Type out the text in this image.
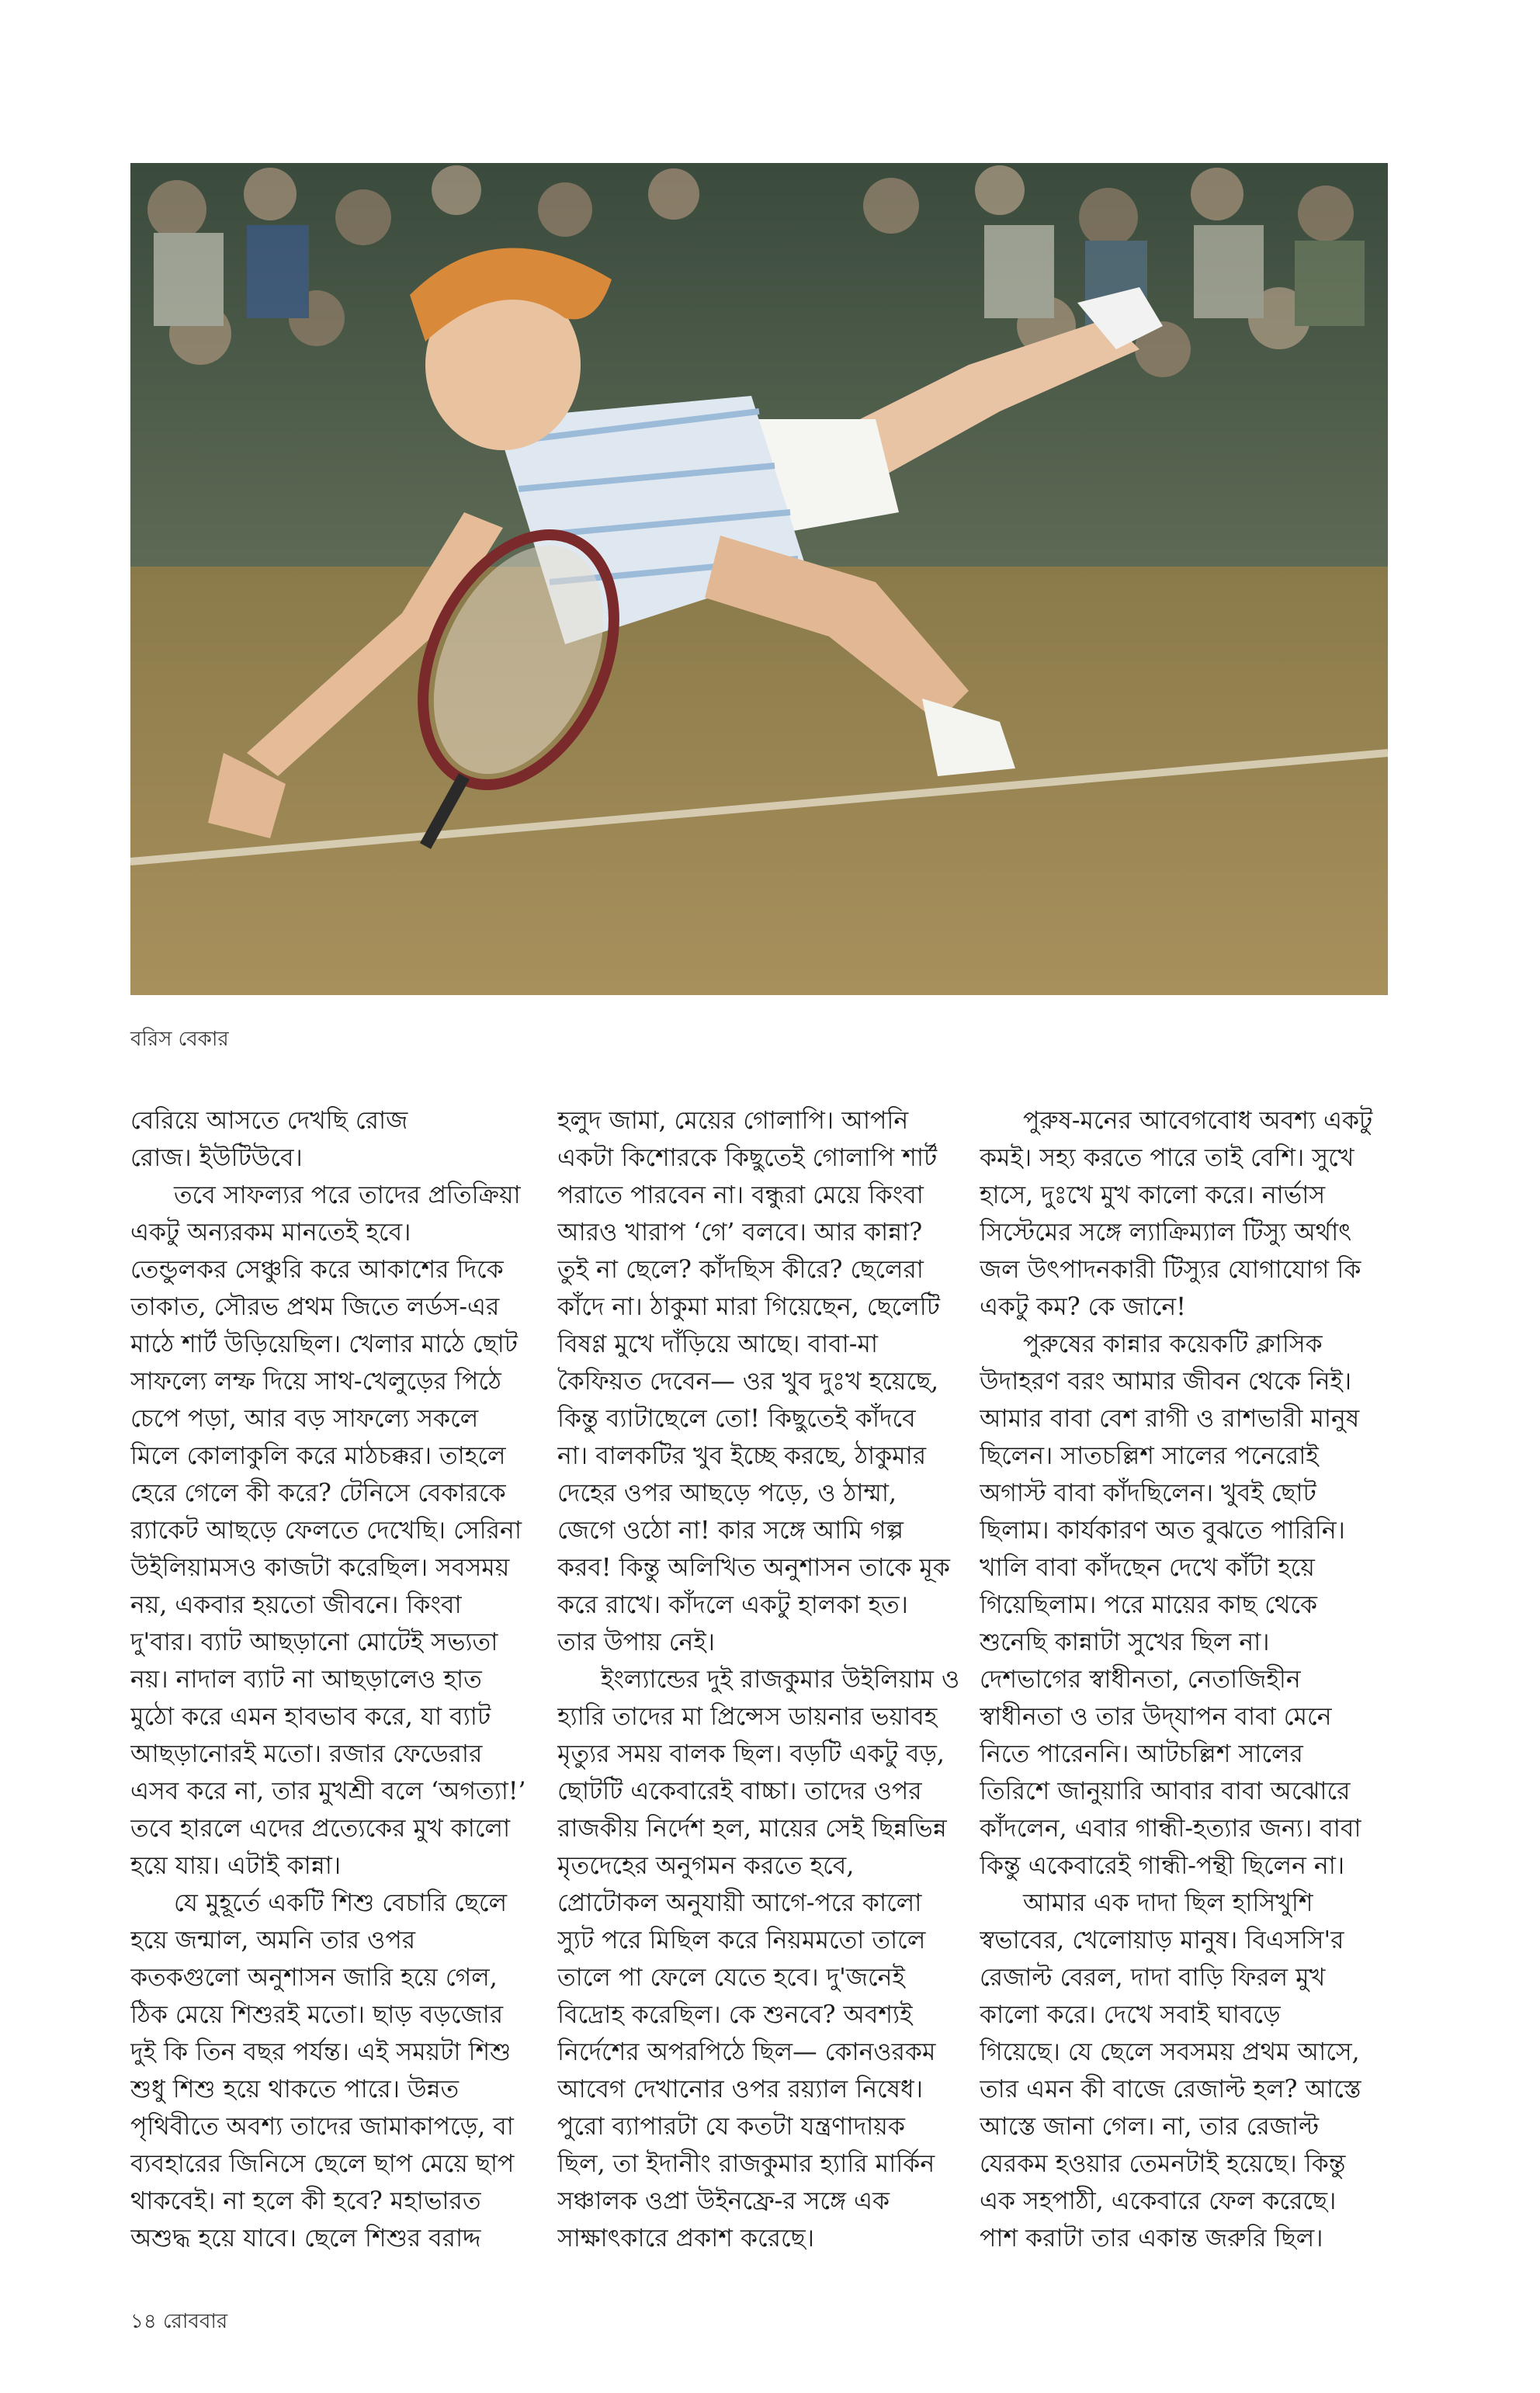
বরিস বেকার
বেরিয়ে আসতে দেখছি রোজ
রোজ। ইউটিউবে।
তবে সাফল্যর পরে তাদের প্রতিক্রিয়া
একটু অন্যরকম মানতেই হবে।
তেন্ডুলকর সেঞ্চুরি করে আকাশের দিকে
তাকাত, সৌরভ প্রথম জিতে লর্ডস-এর
মাঠে শার্ট উড়িয়েছিল। খেলার মাঠে ছোট
সাফল্যে লম্ফ দিয়ে সাথ-খেলুড়ের পিঠে
চেপে পড়া, আর বড় সাফল্যে সকলে
মিলে কোলাকুলি করে মাঠচক্কর। তাহলে
হেরে গেলে কী করে? টেনিসে বেকারকে
র‍্যাকেট আছড়ে ফেলতে দেখেছি। সেরিনা
উইলিয়ামসও কাজটা করেছিল। সবসময়
নয়, একবার হয়তো জীবনে। কিংবা
দু'বার। ব্যাট আছড়ানো মোটেই সভ্যতা
নয়। নাদাল ব্যাট না আছড়ালেও হাত
মুঠো করে এমন হাবভাব করে, যা ব্যাট
আছড়ানোরই মতো। রজার ফেডেরার
এসব করে না, তার মুখশ্রী বলে ‘অগত্যা!’
তবে হারলে এদের প্রত্যেকের মুখ কালো
হয়ে যায়। এটাই কান্না।
যে মুহূর্তে একটি শিশু বেচারি ছেলে
হয়ে জন্মাল, অমনি তার ওপর
কতকগুলো অনুশাসন জারি হয়ে গেল,
ঠিক মেয়ে শিশুরই মতো। ছাড় বড়জোর
দুই কি তিন বছর পর্যন্ত। এই সময়টা শিশু
শুধু শিশু হয়ে থাকতে পারে। উন্নত
পৃথিবীতে অবশ্য তাদের জামাকাপড়ে, বা
ব্যবহারের জিনিসে ছেলে ছাপ মেয়ে ছাপ
থাকবেই। না হলে কী হবে? মহাভারত
অশুদ্ধ হয়ে যাবে। ছেলে শিশুর বরাদ্দ
হলুদ জামা, মেয়ের গোলাপি। আপনি
একটা কিশোরকে কিছুতেই গোলাপি শার্ট
পরাতে পারবেন না। বন্ধুরা মেয়ে কিংবা
আরও খারাপ ‘গে’ বলবে। আর কান্না?
তুই না ছেলে? কাঁদছিস কীরে? ছেলেরা
কাঁদে না। ঠাকুমা মারা গিয়েছেন, ছেলেটি
বিষণ্ণ মুখে দাঁড়িয়ে আছে। বাবা-মা
কৈফিয়ত দেবেন— ওর খুব দুঃখ হয়েছে,
কিন্তু ব্যাটাছেলে তো! কিছুতেই কাঁদবে
না। বালকটির খুব ইচ্ছে করছে, ঠাকুমার
দেহের ওপর আছড়ে পড়ে, ও ঠাম্মা,
জেগে ওঠো না! কার সঙ্গে আমি গল্প
করব! কিন্তু অলিখিত অনুশাসন তাকে মূক
করে রাখে। কাঁদলে একটু হালকা হত।
তার উপায় নেই।
ইংল্যান্ডের দুই রাজকুমার উইলিয়াম ও
হ্যারি তাদের মা প্রিন্সেস ডায়নার ভয়াবহ
মৃত্যুর সময় বালক ছিল। বড়টি একটু বড়,
ছোটটি একেবারেই বাচ্চা। তাদের ওপর
রাজকীয় নির্দেশ হল, মায়ের সেই ছিন্নভিন্ন
মৃতদেহের অনুগমন করতে হবে,
প্রোটোকল অনুযায়ী আগে-পরে কালো
স্যুট পরে মিছিল করে নিয়মমতো তালে
তালে পা ফেলে যেতে হবে। দু'জনেই
বিদ্রোহ করেছিল। কে শুনবে? অবশ্যই
নির্দেশের অপরপিঠে ছিল— কোনওরকম
আবেগ দেখানোর ওপর রয়্যাল নিষেধ।
পুরো ব্যাপারটা যে কতটা যন্ত্রণাদায়ক
ছিল, তা ইদানীং রাজকুমার হ্যারি মার্কিন
সঞ্চালক ওপ্রা উইনফ্রে-র সঙ্গে এক
সাক্ষাৎকারে প্রকাশ করেছে।
পুরুষ-মনের আবেগবোধ অবশ্য একটু
কমই। সহ্য করতে পারে তাই বেশি। সুখে
হাসে, দুঃখে মুখ কালো করে। নার্ভাস
সিস্টেমের সঙ্গে ল্যাক্রিম্যাল টিস্যু অর্থাৎ
জল উৎপাদনকারী টিস্যুর যোগাযোগ কি
একটু কম? কে জানে!
পুরুষের কান্নার কয়েকটি ক্লাসিক
উদাহরণ বরং আমার জীবন থেকে নিই।
আমার বাবা বেশ রাগী ও রাশভারী মানুষ
ছিলেন। সাতচল্লিশ সালের পনেরোই
অগাস্ট বাবা কাঁদছিলেন। খুবই ছোট
ছিলাম। কার্যকারণ অত বুঝতে পারিনি।
খালি বাবা কাঁদছেন দেখে কাঁটা হয়ে
গিয়েছিলাম। পরে মায়ের কাছ থেকে
শুনেছি কান্নাটা সুখের ছিল না।
দেশভাগের স্বাধীনতা, নেতাজিহীন
স্বাধীনতা ও তার উদ্‌যাপন বাবা মেনে
নিতে পারেননি। আটচল্লিশ সালের
তিরিশে জানুয়ারি আবার বাবা অঝোরে
কাঁদলেন, এবার গান্ধী-হত্যার জন্য। বাবা
কিন্তু একেবারেই গান্ধী-পন্থী ছিলেন না।
আমার এক দাদা ছিল হাসিখুশি
স্বভাবের, খেলোয়াড় মানুষ। বিএসসি'র
রেজাল্ট বেরল, দাদা বাড়ি ফিরল মুখ
কালো করে। দেখে সবাই ঘাবড়ে
গিয়েছে। যে ছেলে সবসময় প্রথম আসে,
তার এমন কী বাজে রেজাল্ট হল? আস্তে
আস্তে জানা গেল। না, তার রেজাল্ট
যেরকম হওয়ার তেমনটাই হয়েছে। কিন্তু
এক সহপাঠী, একেবারে ফেল করেছে।
পাশ করাটা তার একান্ত জরুরি ছিল।
১৪ রোববার
